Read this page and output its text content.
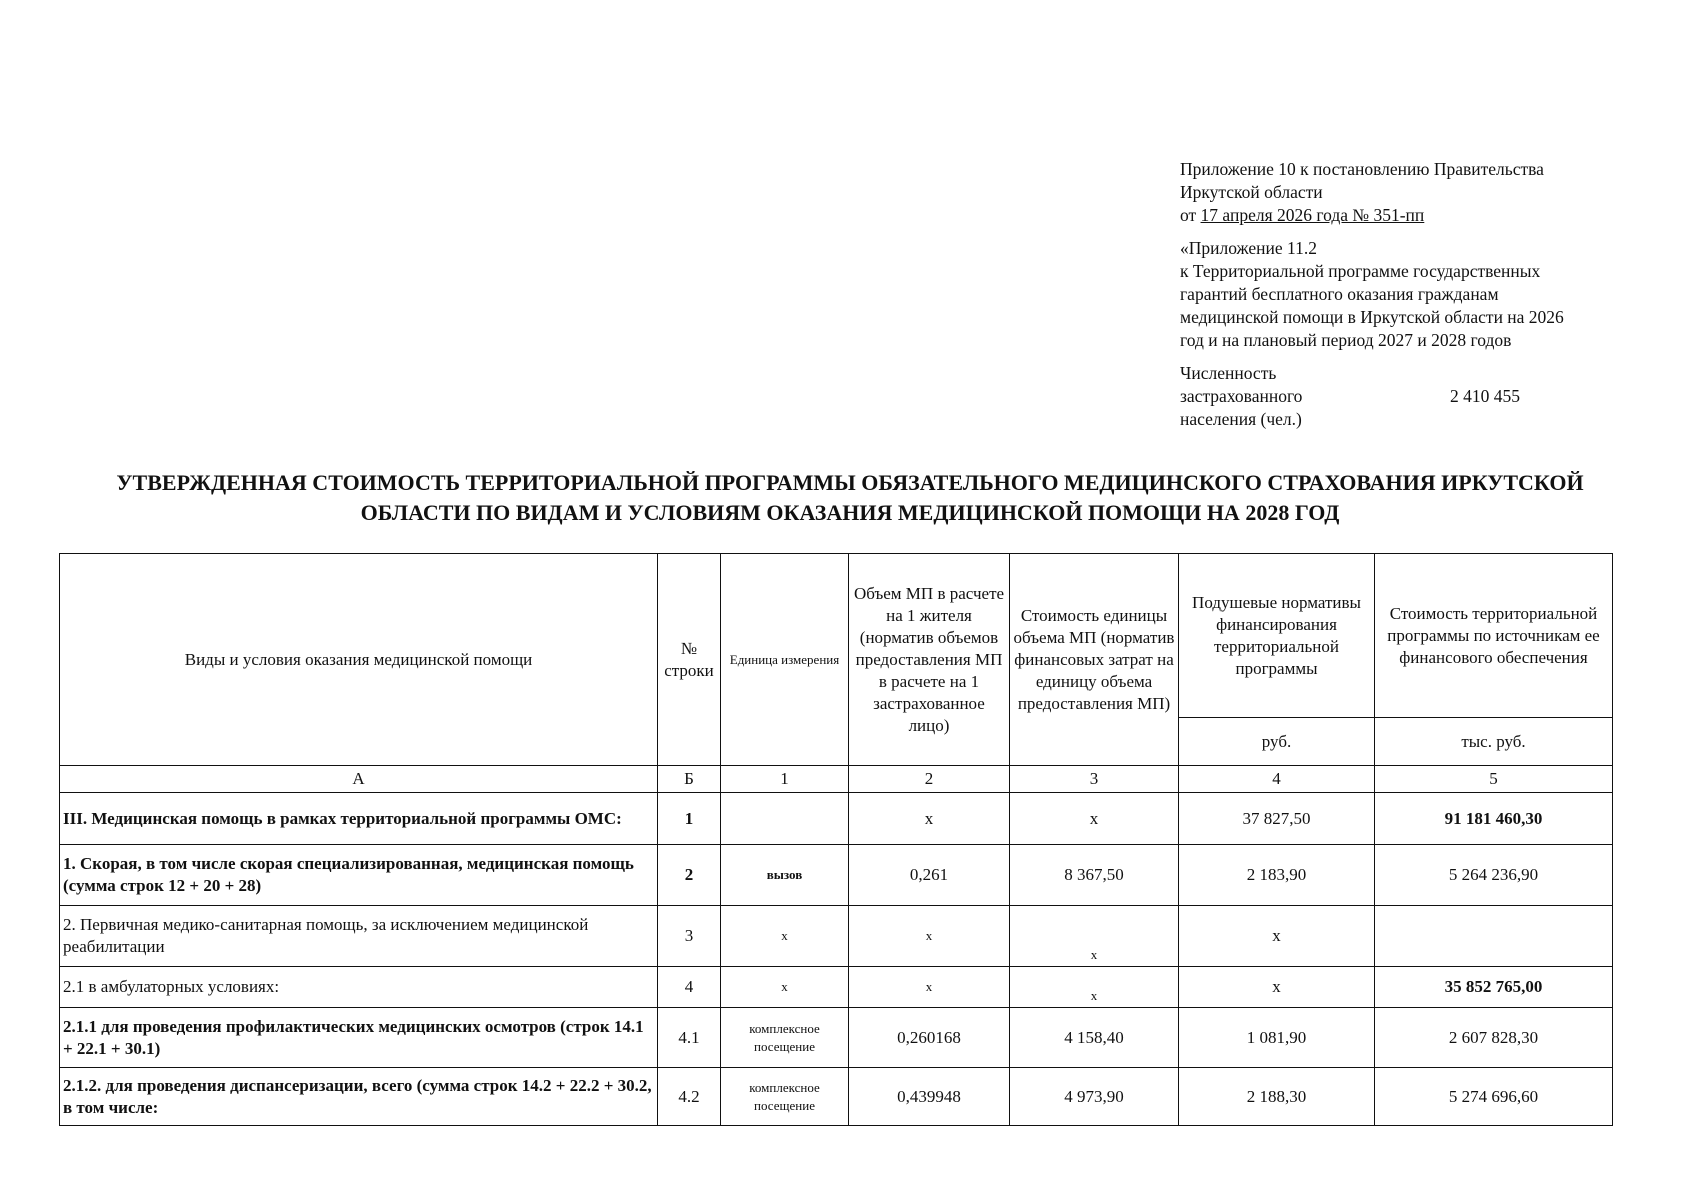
Приложение 10 к постановлению Правительства

Иркутской области

от 17 апреля 2026 года № 351-пп

«Приложение 11.2

к Территориальной программе государственных

гарантий бесплатного оказания гражданам

медицинской помощи в Иркутской области на 2026

год и на плановый период 2027 и 2028 годов

Численность
застрахованного
населения (чел.)
2 410 455
УТВЕРЖДЕННАЯ СТОИМОСТЬ ТЕРРИТОРИАЛЬНОЙ ПРОГРАММЫ ОБЯЗАТЕЛЬНОГО МЕДИЦИНСКОГО СТРАХОВАНИЯ ИРКУТСКОЙ
ОБЛАСТИ ПО ВИДАМ И УСЛОВИЯМ ОКАЗАНИЯ МЕДИЦИНСКОЙ ПОМОЩИ НА 2028 ГОД
Виды и условия оказания медицинской помощи	№ строки	Единица измерения	Объем МП в расчете на 1 жителя (норматив объемов предоставления МП в расчете на 1 застрахованное лицо)	Стоимость единицы объема МП (норматив финансовых затрат на единицу объема предоставления МП)	Подушевые нормативы финансирования территориальной программы	Стоимость территориальной программы по источникам ее финансового обеспечения
					руб.	тыс. руб.
А	Б	1	2	3	4	5
III. Медицинская помощь в рамках территориальной программы ОМС:	1		х	х	37 827,50	91 181 460,30
1. Скорая, в том числе скорая специализированная, медицинская помощь (сумма строк 12 + 20 + 28)	2	вызов	0,261	8 367,50	2 183,90	5 264 236,90
2. Первичная медико-санитарная помощь, за исключением медицинской реабилитации	3	х	х	х	х	
2.1 в амбулаторных условиях:	4	х	х	х	х	35 852 765,00
2.1.1 для проведения профилактических медицинских осмотров (строк 14.1 + 22.1 + 30.1)	4.1	комплексное посещение	0,260168	4 158,40	1 081,90	2 607 828,30
2.1.2. для проведения диспансеризации, всего (сумма строк 14.2 + 22.2 + 30.2, в том числе:	4.2	комплексное посещение	0,439948	4 973,90	2 188,30	5 274 696,60
